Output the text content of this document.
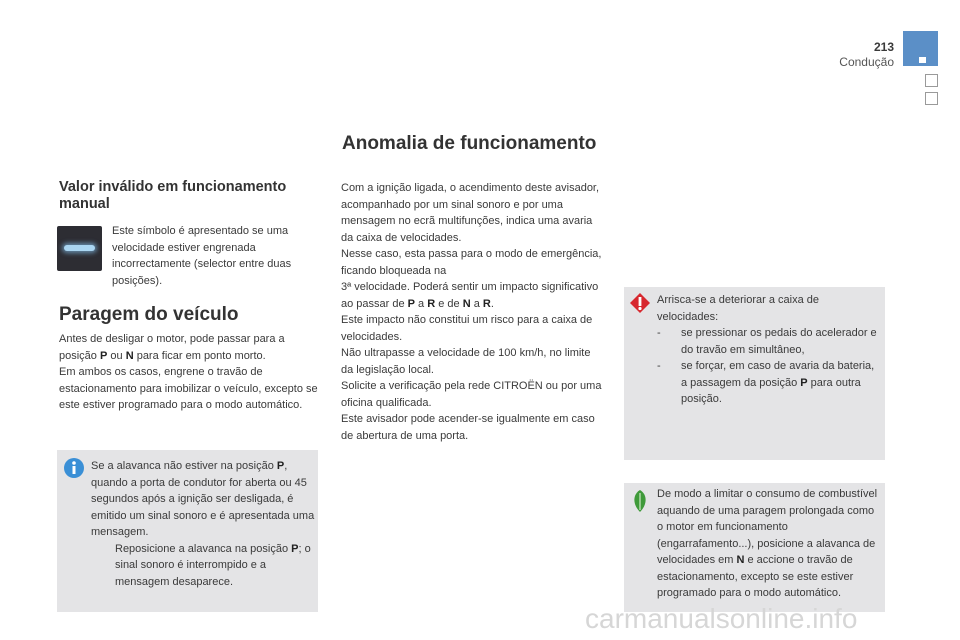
213
Condução
Anomalia de funcionamento
Valor inválido em funcionamento manual
Este símbolo é apresentado se uma velocidade estiver engrenada incorrectamente (selector entre duas posições).
Paragem do veículo
Antes de desligar o motor, pode passar para a posição P ou N para ficar em ponto morto.
Em ambos os casos, engrene o travão de estacionamento para imobilizar o veículo, excepto se este estiver programado para o modo automático.
Se a alavanca não estiver na posição P, quando a porta de condutor for aberta ou 45 segundos após a ignição ser desligada, é emitido um sinal sonoro e é apresentada uma mensagem.
Reposicione a alavanca na posição P; o sinal sonoro é interrompido e a mensagem desaparece.
Com a ignição ligada, o acendimento deste avisador, acompanhado por um sinal sonoro e por uma mensagem no ecrã multifunções, indica uma avaria da caixa de velocidades.
Nesse caso, esta passa para o modo de emergência, ficando bloqueada na
3ª velocidade. Poderá sentir um impacto significativo ao passar de P a R e de N a R.
Este impacto não constitui um risco para a caixa de velocidades.
Não ultrapasse a velocidade de 100 km/h, no limite da legislação local.
Solicite a verificação pela rede CITROËN ou por uma oficina qualificada.
Este avisador pode acender-se igualmente em caso de abertura de uma porta.
Arrisca-se a deteriorar a caixa de velocidades:
- se pressionar os pedais do acelerador e do travão em simultâneo,
- se forçar, em caso de avaria da bateria, a passagem da posição P para outra posição.
De modo a limitar o consumo de combustível aquando de uma paragem prolongada como o motor em funcionamento (engarrafamento...), posicione a alavanca de velocidades em N e accione o travão de estacionamento, excepto se este estiver programado para o modo automático.
carmanualsonline.info
